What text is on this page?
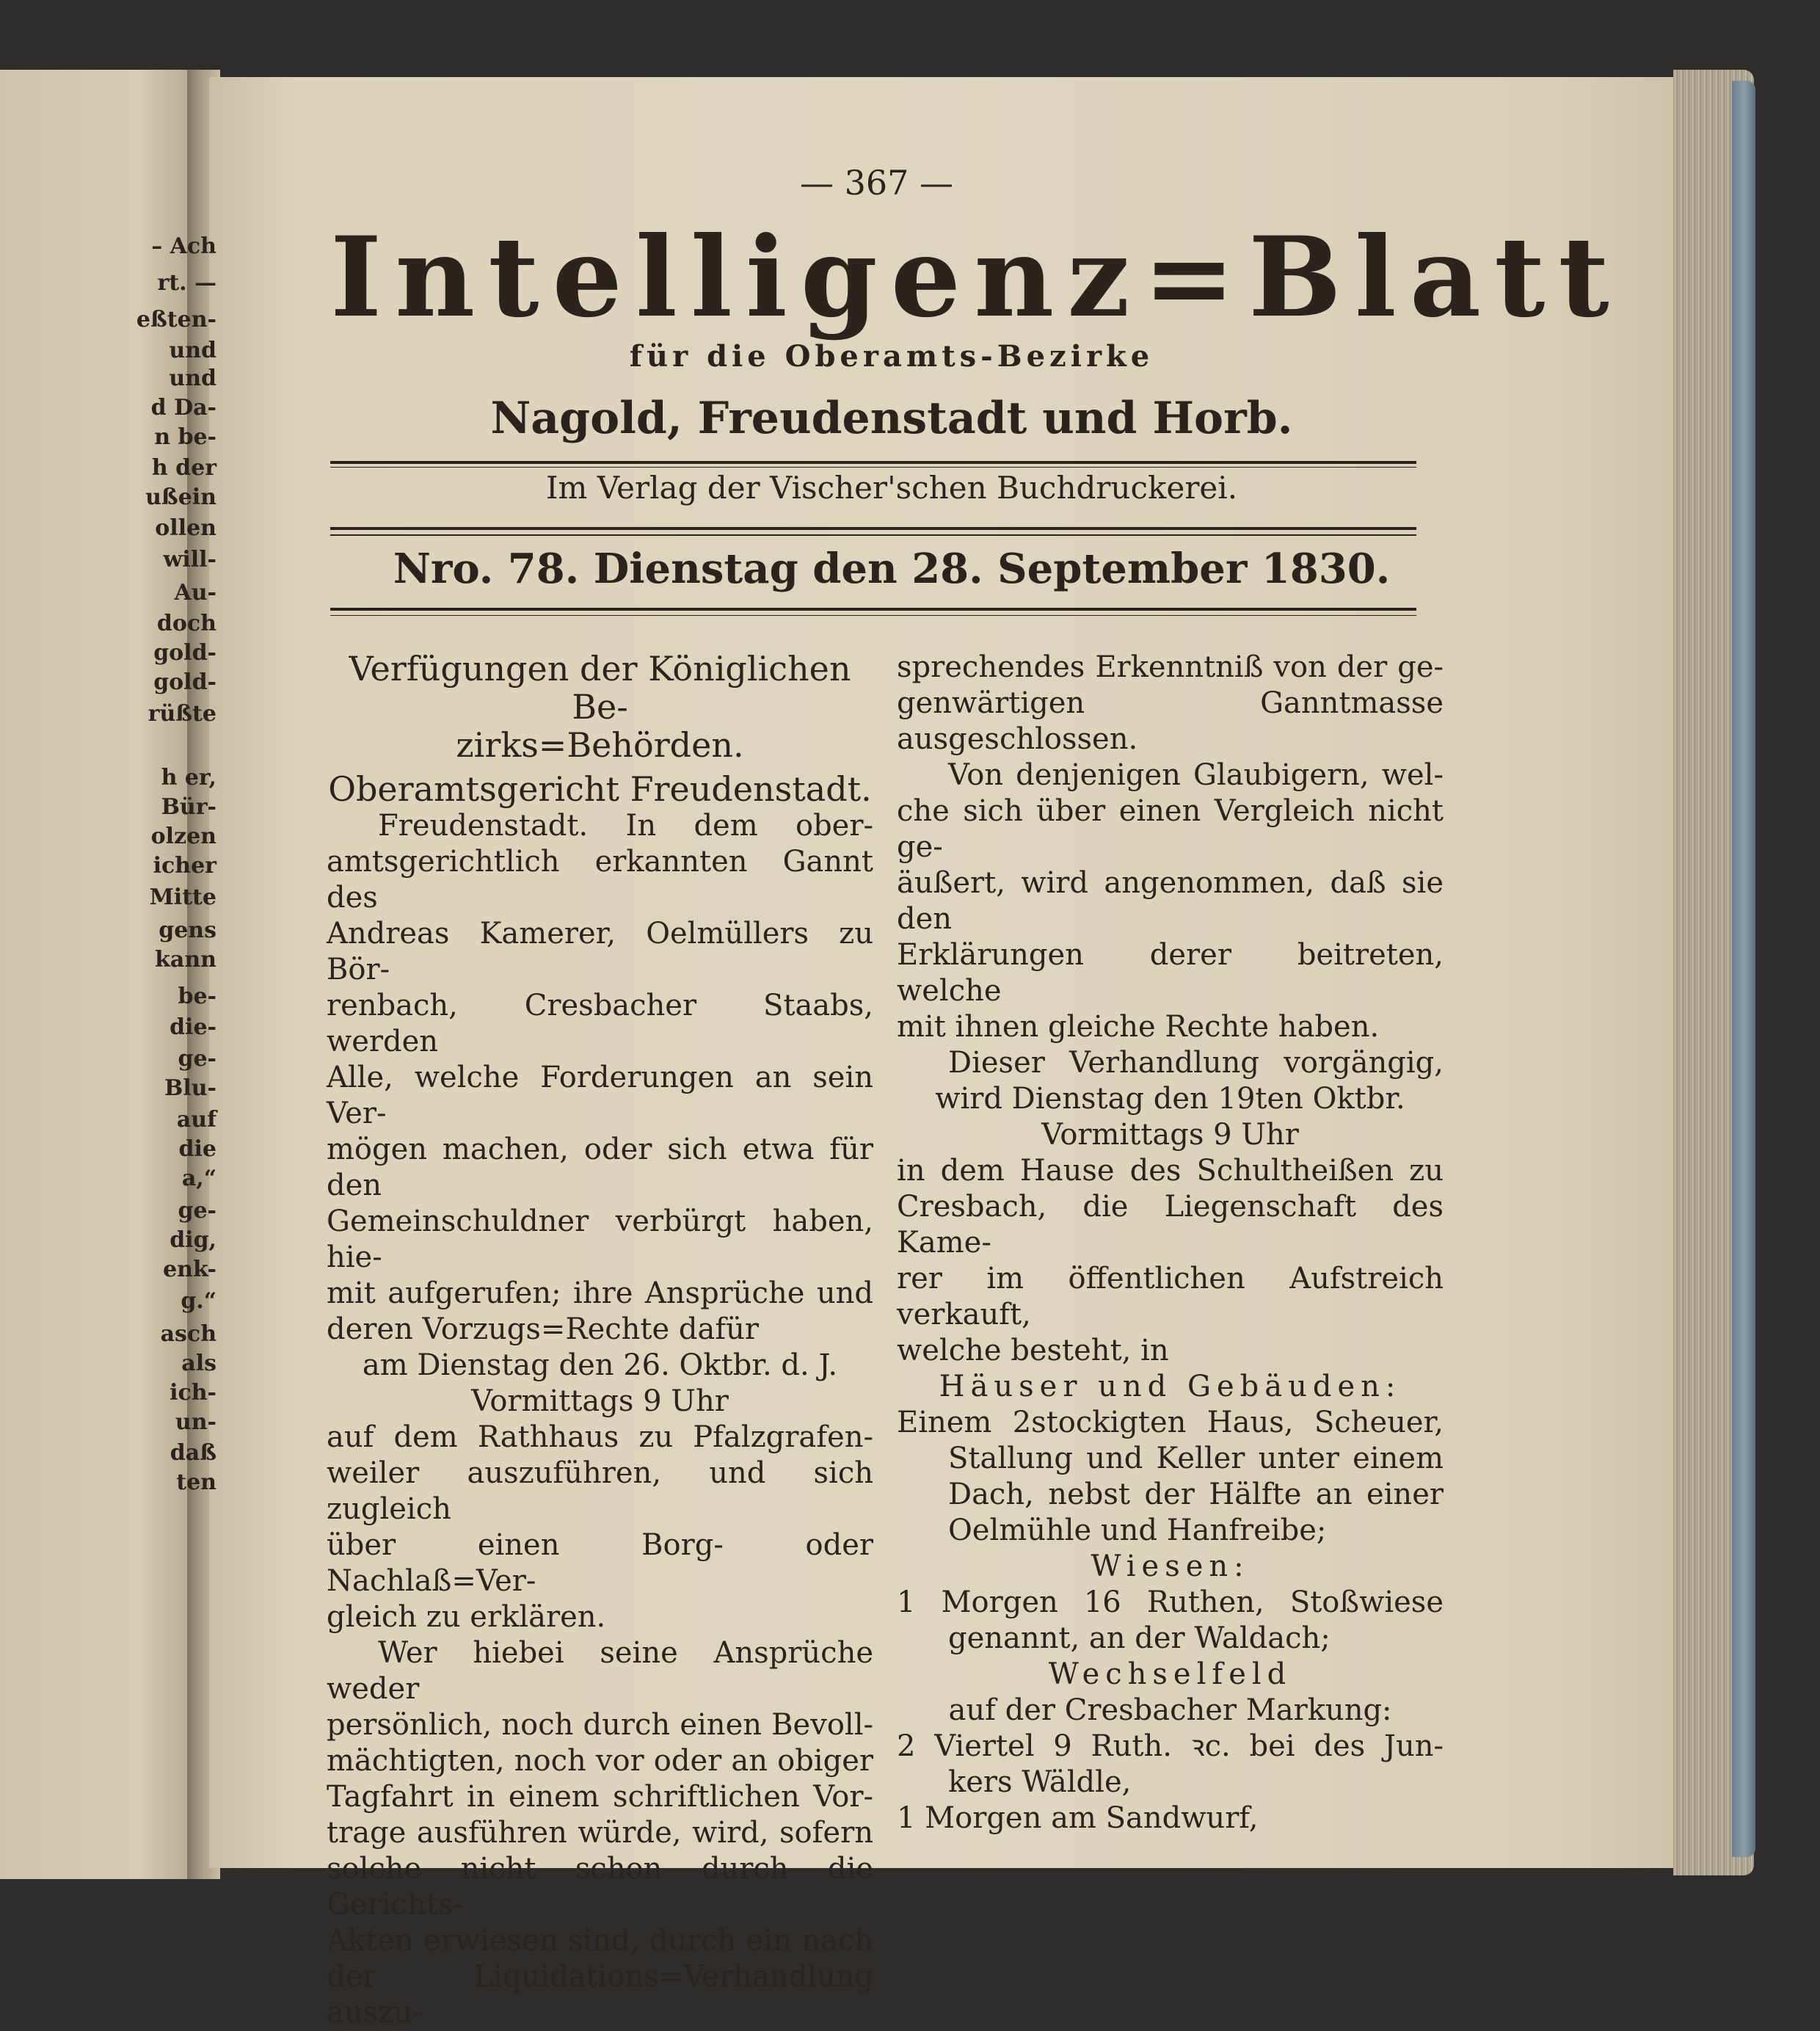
– Ach
rt. —
eßten-
und
und
d Da-
n be-
h der
ußein
ollen
will-
Au-
doch
gold-
gold-
rüßte
h er,
Bür-
olzen
icher
Mitte
gens
kann
be-
die-
ge-
Blu-
auf
die
a,“
ge-
dig,
enk-
g.“
asch
als
ich-
un-
daß
ten
— 367 —
Intelligenz=Blatt
für die Oberamts-Bezirke
Nagold, Freudenstadt und Horb.
Im Verlag der Vischer'schen Buchdruckerei.
Nro. 78. Dienstag den 28. September 1830.

Verfügungen der Königlichen Be-

zirks=Behörden.

Oberamtsgericht Freudenstadt.

Freudenstadt. In dem ober-

amtsgerichtlich erkannten Gannt des

Andreas Kamerer, Oelmüllers zu Bör-

renbach, Cresbacher Staabs, werden

Alle, welche Forderungen an sein Ver-

mögen machen, oder sich etwa für den

Gemeinschuldner verbürgt haben, hie-

mit aufgerufen; ihre Ansprüche und

deren Vorzugs=Rechte dafür

am Dienstag den 26. Oktbr. d. J.

Vormittags 9 Uhr

auf dem Rathhaus zu Pfalzgrafen-

weiler auszuführen, und sich zugleich

über einen Borg- oder Nachlaß=Ver-

gleich zu erklären.

Wer hiebei seine Ansprüche weder

persönlich, noch durch einen Bevoll-

mächtigten, noch vor oder an obiger

Tagfahrt in einem schriftlichen Vor-

trage ausführen würde, wird, sofern

solche nicht schon durch die Gerichts-

Akten erwiesen sind, durch ein nach

der Liquidations=Verhandlung auszu-

sprechendes Erkenntniß von der ge-

genwärtigen Ganntmasse ausgeschlossen.

Von denjenigen Glaubigern, wel-

che sich über einen Vergleich nicht ge-

äußert, wird angenommen, daß sie den

Erklärungen derer beitreten, welche

mit ihnen gleiche Rechte haben.

Dieser Verhandlung vorgängig,

wird Dienstag den 19ten Oktbr.

Vormittags 9 Uhr

in dem Hause des Schultheißen zu

Cresbach, die Liegenschaft des Kame-

rer im öffentlichen Aufstreich verkauft,

welche besteht, in

Häuser und Gebäuden:

Einem 2stockigten Haus, Scheuer,

Stallung und Keller unter einem

Dach, nebst der Hälfte an einer

Oelmühle und Hanfreibe;

Wiesen:

1 Morgen 16 Ruthen, Stoßwiese

genannt, an der Waldach;

Wechselfeld

auf der Cresbacher Markung:

2 Viertel 9 Ruth. ꝛc. bei des Jun-

kers Wäldle,

1 Morgen am Sandwurf,
